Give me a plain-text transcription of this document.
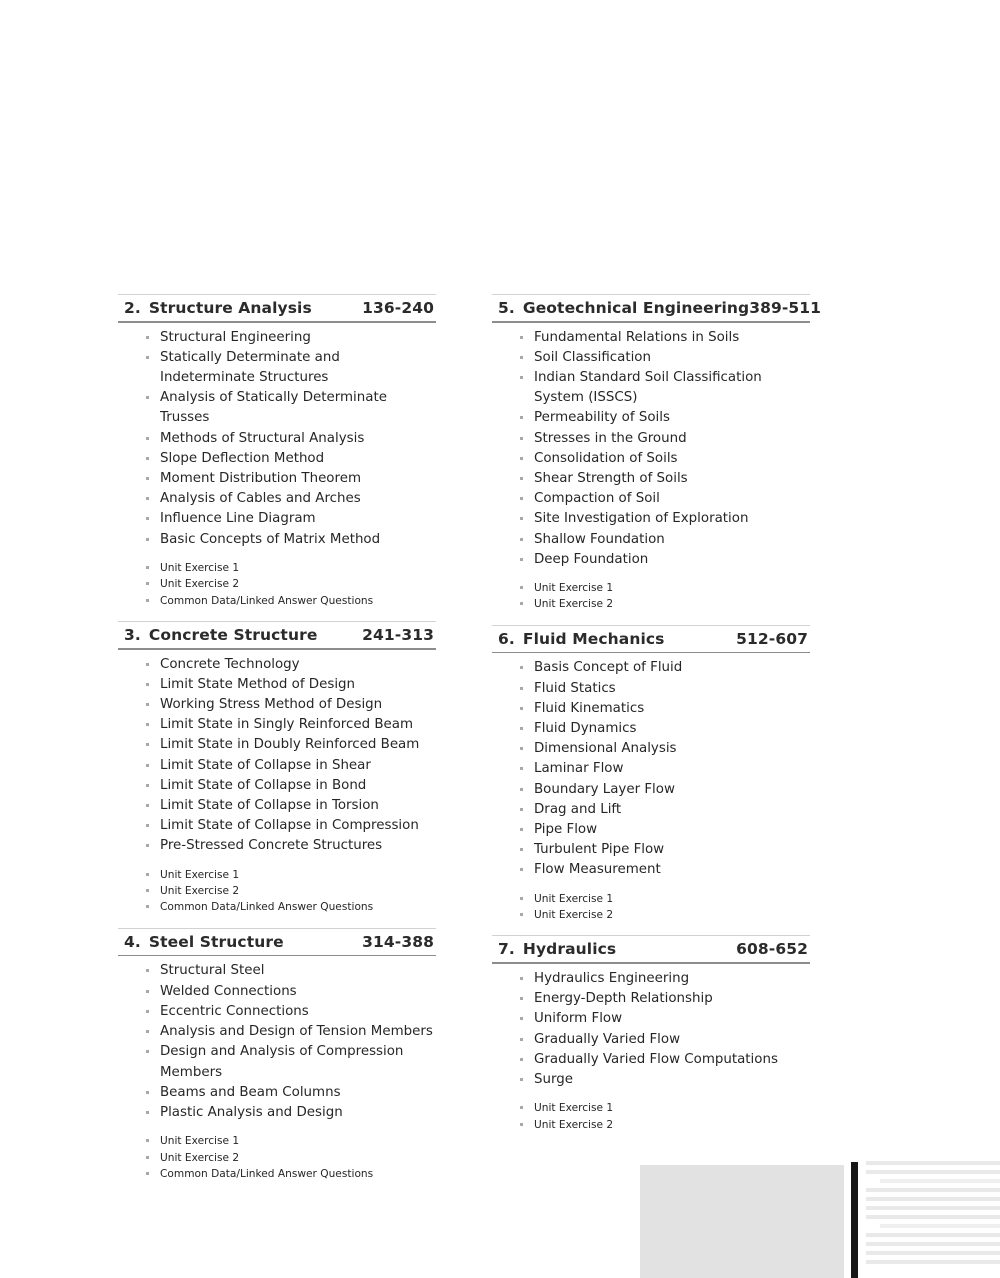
2. Structure Analysis	136-240
Structural Engineering
Statically Determinate and Indeterminate Structures
Analysis of Statically Determinate Trusses
Methods of Structural Analysis
Slope Deflection Method
Moment Distribution Theorem
Analysis of Cables and Arches
Influence Line Diagram
Basic Concepts of Matrix Method
Unit Exercise 1
Unit Exercise 2
Common Data/Linked Answer Questions
3. Concrete Structure	241-313
Concrete Technology
Limit State Method of Design
Working Stress Method of Design
Limit State in Singly Reinforced Beam
Limit State in Doubly Reinforced Beam
Limit State of Collapse in Shear
Limit State of Collapse in Bond
Limit State of Collapse in Torsion
Limit State of Collapse in Compression
Pre-Stressed Concrete Structures
Unit Exercise 1
Unit Exercise 2
Common Data/Linked Answer Questions
4. Steel Structure	314-388
Structural Steel
Welded Connections
Eccentric Connections
Analysis and Design of Tension Members
Design and Analysis of Compression Members
Beams and Beam Columns
Plastic Analysis and Design
Unit Exercise 1
Unit Exercise 2
Common Data/Linked Answer Questions
5. Geotechnical Engineering 389-511
Fundamental Relations in Soils
Soil Classification
Indian Standard Soil Classification System (ISSCS)
Permeability of Soils
Stresses in the Ground
Consolidation of Soils
Shear Strength of Soils
Compaction of Soil
Site Investigation of Exploration
Shallow Foundation
Deep Foundation
Unit Exercise 1
Unit Exercise 2
6. Fluid Mechanics	512-607
Basis Concept of Fluid
Fluid Statics
Fluid Kinematics
Fluid Dynamics
Dimensional Analysis
Laminar Flow
Boundary Layer Flow
Drag and Lift
Pipe Flow
Turbulent Pipe Flow
Flow Measurement
Unit Exercise 1
Unit Exercise 2
7. Hydraulics	608-652
Hydraulics Engineering
Energy-Depth Relationship
Uniform Flow
Gradually Varied Flow
Gradually Varied Flow Computations
Surge
Unit Exercise 1
Unit Exercise 2
